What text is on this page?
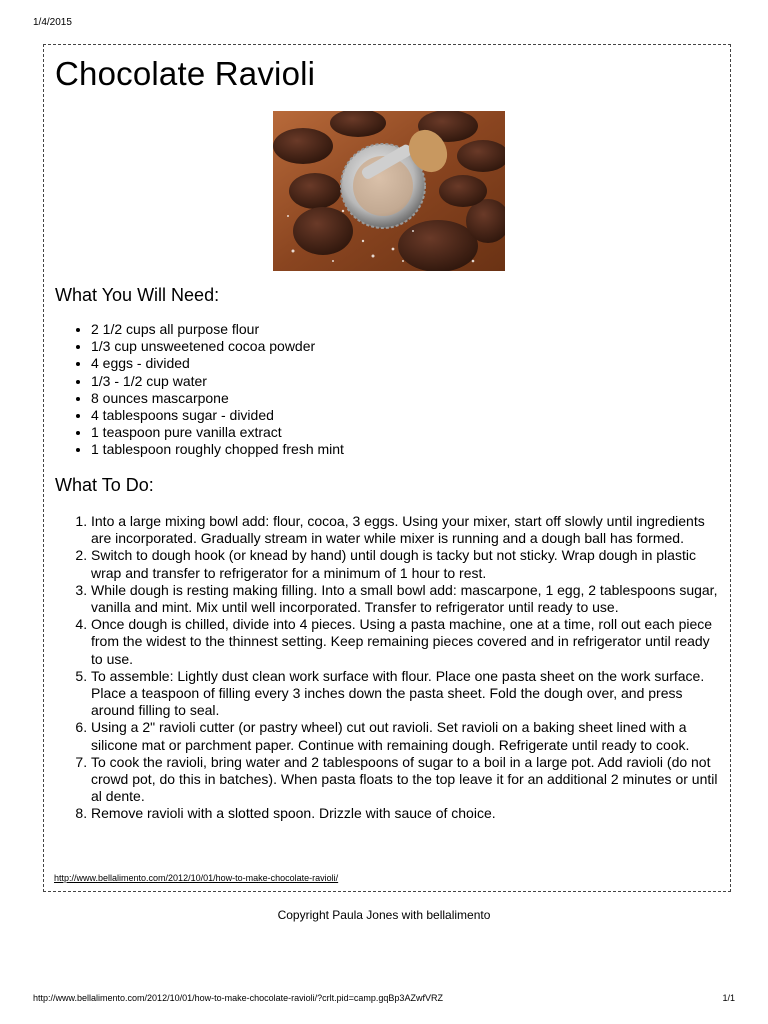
1/4/2015
Chocolate Ravioli
What You Will Need:
• 2 1/2 cups all purpose flour
• 1/3 cup unsweetened cocoa powder
• 4 eggs - divided
• 1/3 - 1/2 cup water
• 8 ounces mascarpone
• 4 tablespoons sugar - divided
• 1 teaspoon pure vanilla extract
• 1 tablespoon roughly chopped fresh mint
What To Do:
1. Into a large mixing bowl add: flour, cocoa, 3 eggs. Using your mixer, start off slowly until ingredients are incorporated. Gradually stream in water while mixer is running and a dough ball has formed.
2. Switch to dough hook (or knead by hand) until dough is tacky but not sticky. Wrap dough in plastic wrap and transfer to refrigerator for a minimum of 1 hour to rest.
3. While dough is resting making filling. Into a small bowl add: mascarpone, 1 egg, 2 tablespoons sugar, vanilla and mint. Mix until well incorporated. Transfer to refrigerator until ready to use.
4. Once dough is chilled, divide into 4 pieces. Using a pasta machine, one at a time, roll out each piece from the widest to the thinnest setting. Keep remaining pieces covered and in refrigerator until ready to use.
5. To assemble: Lightly dust clean work surface with flour. Place one pasta sheet on the work surface. Place a teaspoon of filling every 3 inches down the pasta sheet. Fold the dough over, and press around filling to seal.
6. Using a 2" ravioli cutter (or pastry wheel) cut out ravioli. Set ravioli on a baking sheet lined with a silicone mat or parchment paper. Continue with remaining dough. Refrigerate until ready to cook.
7. To cook the ravioli, bring water and 2 tablespoons of sugar to a boil in a large pot. Add ravioli (do not crowd pot, do this in batches). When pasta floats to the top leave it for an additional 2 minutes or until al dente.
8. Remove ravioli with a slotted spoon. Drizzle with sauce of choice.
http://www.bellalimento.com/2012/10/01/how-to-make-chocolate-ravioli/
Copyright Paula Jones with bellalimento
http://www.bellalimento.com/2012/10/01/how-to-make-chocolate-ravioli/?crlt.pid=camp.gqBp3AZwfVRZ	1/1
